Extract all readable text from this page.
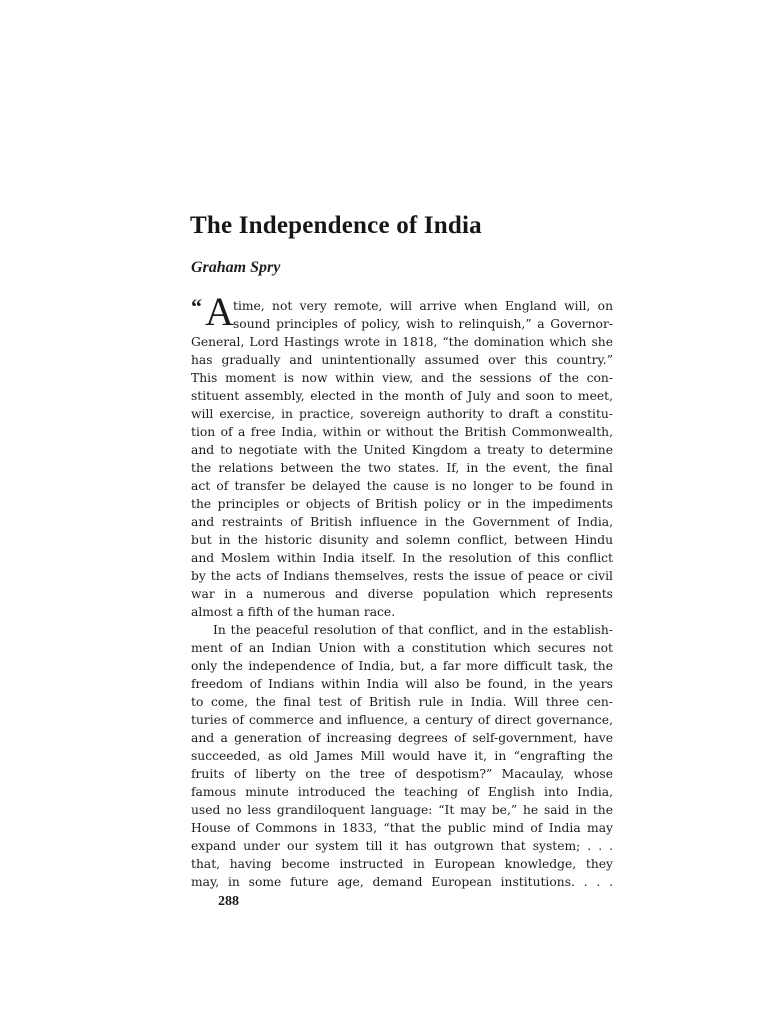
The Independence of India
Graham Spry
“ A time, not very remote, will arrive when England will, on
sound principles of policy, wish to relinquish,” a Governor-
General, Lord Hastings wrote in 1818, “the domination which she
has gradually and unintentionally assumed over this country.”
This moment is now within view, and the sessions of the con-
stituent assembly, elected in the month of July and soon to meet,
will exercise, in practice, sovereign authority to draft a constitu-
tion of a free India, within or without the British Commonwealth,
and to negotiate with the United Kingdom a treaty to determine
the relations between the two states. If, in the event, the final
act of transfer be delayed the cause is no longer to be found in
the principles or objects of British policy or in the impediments
and restraints of British influence in the Government of India,
but in the historic disunity and solemn conflict, between Hindu
and Moslem within India itself. In the resolution of this conflict
by the acts of Indians themselves, rests the issue of peace or civil
war in a numerous and diverse population which represents
almost a fifth of the human race.
In the peaceful resolution of that conflict, and in the establish-
ment of an Indian Union with a constitution which secures not
only the independence of India, but, a far more difficult task, the
freedom of Indians within India will also be found, in the years
to come, the final test of British rule in India. Will three cen-
turies of commerce and influence, a century of direct governance,
and a generation of increasing degrees of self-government, have
succeeded, as old James Mill would have it, in “engrafting the
fruits of liberty on the tree of despotism?” Macaulay, whose
famous minute introduced the teaching of English into India,
used no less grandiloquent language: “It may be,” he said in the
House of Commons in 1833, “that the public mind of India may
expand under our system till it has outgrown that system; . . .
that, having become instructed in European knowledge, they
may, in some future age, demand European institutions. . . .
288
